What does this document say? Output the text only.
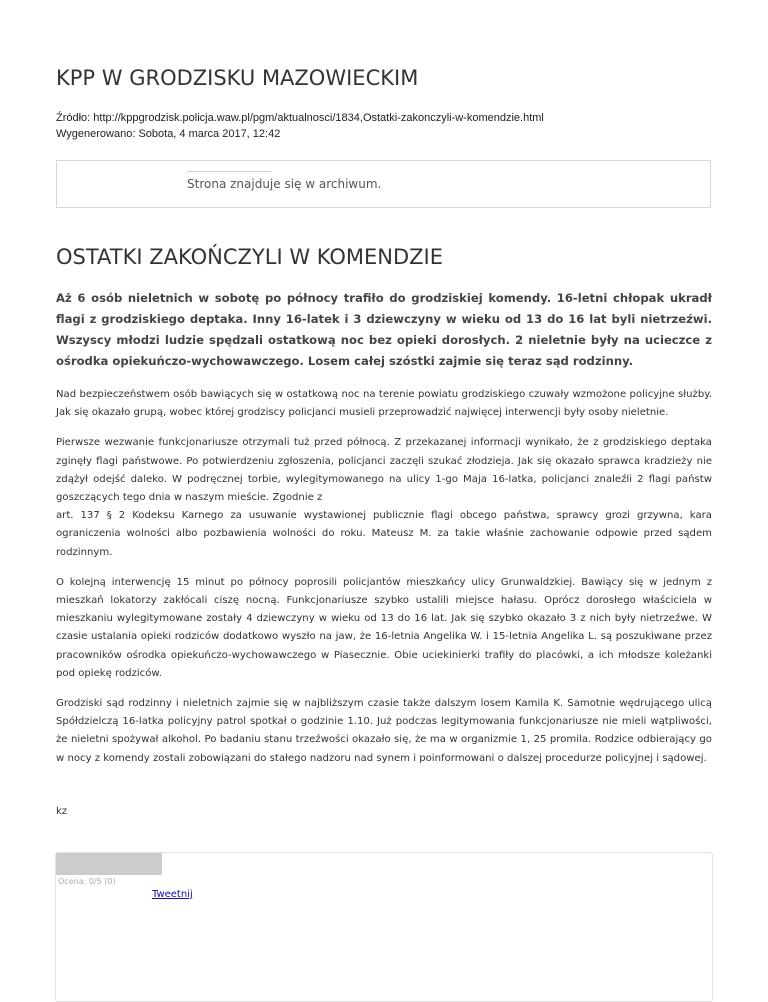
KPP W GRODZISKU MAZOWIECKIM
Źródło: http://kppgrodzisk.policja.waw.pl/pgm/aktualnosci/1834,Ostatki-zakonczyli-w-komendzie.html
Wygenerowano: Sobota, 4 marca 2017, 12:42
Strona znajduje się w archiwum.
OSTATKI ZAKOŃCZYLI W KOMENDZIE

Aż 6 osób nieletnich w sobotę po północy trafiło do grodziskiej komendy. 16-letni chłopak ukradł flagi z grodziskiego deptaka. Inny 16-latek i 3 dziewczyny w wieku od 13 do 16 lat byli nietrzeźwi. Wszyscy młodzi ludzie spędzali ostatkową noc bez opieki dorosłych. 2 nieletnie były na ucieczce z ośrodka opiekuńczo-wychowawczego. Losem całej szóstki zajmie się teraz sąd rodzinny.

Nad bezpieczeństwem osób bawiących się w ostatkową noc na terenie powiatu grodziskiego czuwały wzmożone policyjne służby. Jak się okazało grupą, wobec której grodziscy policjanci musieli przeprowadzić najwięcej interwencji były osoby nieletnie.

Pierwsze wezwanie funkcjonariusze otrzymali tuż przed północą. Z przekazanej informacji wynikało, że z grodziskiego deptaka zginęły flagi państwowe. Po potwierdzeniu zgłoszenia, policjanci zaczęli szukać złodzieja. Jak się okazało sprawca kradzieży nie zdążył odejść daleko. W podręcznej torbie, wylegitymowanego na ulicy 1-go Maja 16-latka, policjanci znaleźli 2 flagi państw goszczących tego dnia w naszym mieście. Zgodnie z

art. 137 § 2 Kodeksu Karnego za usuwanie wystawionej publicznie flagi obcego państwa, sprawcy grozi grzywna, kara ograniczenia wolności albo pozbawienia wolności do roku. Mateusz M. za takie właśnie zachowanie odpowie przed sądem rodzinnym.

O kolejną interwencję 15 minut po północy poprosili policjantów mieszkańcy ulicy Grunwaldzkiej. Bawiący się w jednym z mieszkań lokatorzy zakłócali ciszę nocną. Funkcjonariusze szybko ustalili miejsce hałasu. Oprócz dorosłego właściciela w mieszkaniu wylegitymowane zostały 4 dziewczyny w wieku od 13 do 16 lat. Jak się szybko okazało 3 z nich były nietrzeźwe. W czasie ustalania opieki rodziców dodatkowo wyszło na jaw, że 16-letnia Angelika W. i 15-letnia Angelika L. są poszukiwane przez pracowników ośrodka opiekuńczo-wychowawczego w Piasecznie. Obie uciekinierki trafiły do placówki, a ich młodsze koleżanki pod opiekę rodziców.

Grodziski sąd rodzinny i nieletnich zajmie się w najbliższym czasie także dalszym losem Kamila K. Samotnie wędrującego ulicą Spółdzielczą 16-latka policyjny patrol spotkał o godzinie 1.10. Już podczas legitymowania funkcjonariusze nie mieli wątpliwości, że nieletni spożywał alkohol. Po badaniu stanu trzeźwości okazało się, że ma w organizmie 1, 25 promila. Rodzice odbierający go w nocy z komendy zostali zobowiązani do stałego nadzoru nad synem i poinformowani o dalszej procedurze policyjnej i sądowej.

kz
Ocena: 0/5 (0)
Tweetnij
